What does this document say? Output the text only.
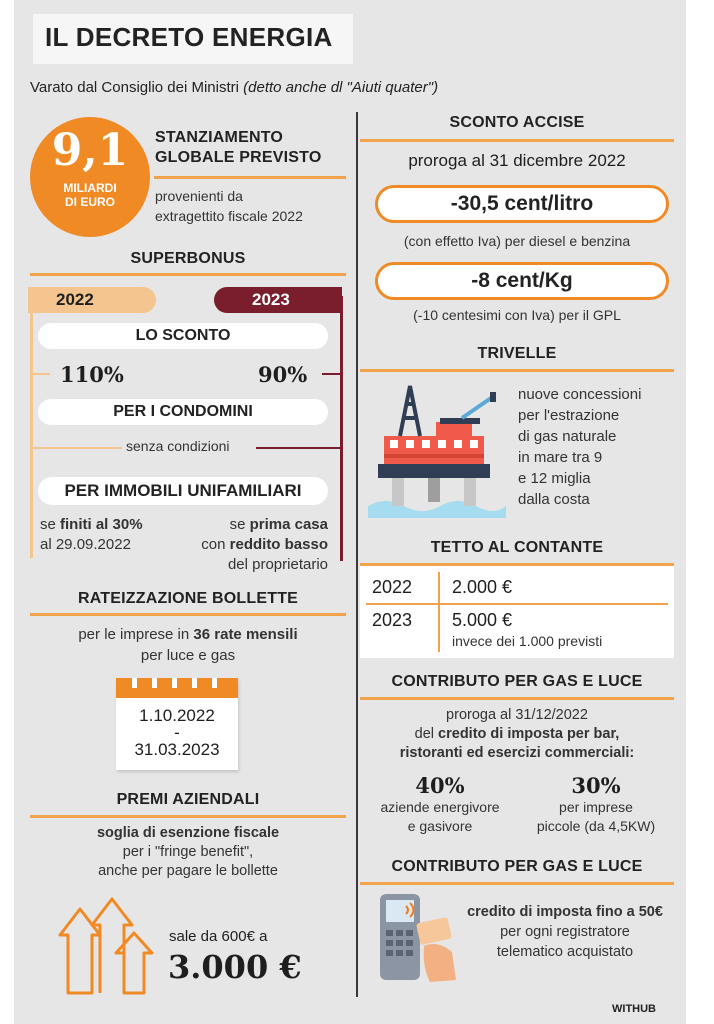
IL DECRETO ENERGIA
Varato dal Consiglio dei Ministri (detto anche dl "Aiuti quater")
9,1
MILIARDI
DI EURO
STANZIAMENTO
GLOBALE PREVISTO
provenienti da
extragettito fiscale 2022
SUPERBONUS
2022	2023
LO SCONTO
110%	90%
PER I CONDOMINI
senza condizioni
PER IMMOBILI UNIFAMILIARI
se finiti al 30%
al 29.09.2022
se prima casa
con reddito basso
del proprietario
RATEIZZAZIONE BOLLETTE
per le imprese in 36 rate mensili
per luce e gas
1.10.2022
-
31.03.2023
PREMI AZIENDALI
soglia di esenzione fiscale
per i "fringe benefit",
anche per pagare le bollette
sale da 600€ a
3.000 €
SCONTO ACCISE
proroga al 31 dicembre 2022
-30,5 cent/litro
(con effetto Iva) per diesel e benzina
-8 cent/Kg
(-10 centesimi con Iva) per il GPL
TRIVELLE
nuove concessioni
per l'estrazione
di gas naturale
in mare tra 9
e 12 miglia
dalla costa
TETTO AL CONTANTE
2022 2.000 €
2023 5.000 €
invece dei 1.000 previsti
CONTRIBUTO PER GAS E LUCE
proroga al 31/12/2022
del credito di imposta per bar,
ristoranti ed esercizi commerciali:
40%
aziende energivore
e gasivore
30%
per imprese
piccole (da 4,5KW)
CONTRIBUTO PER GAS E LUCE
credito di imposta fino a 50€
per ogni registratore
telematico acquistato
WITHUB
